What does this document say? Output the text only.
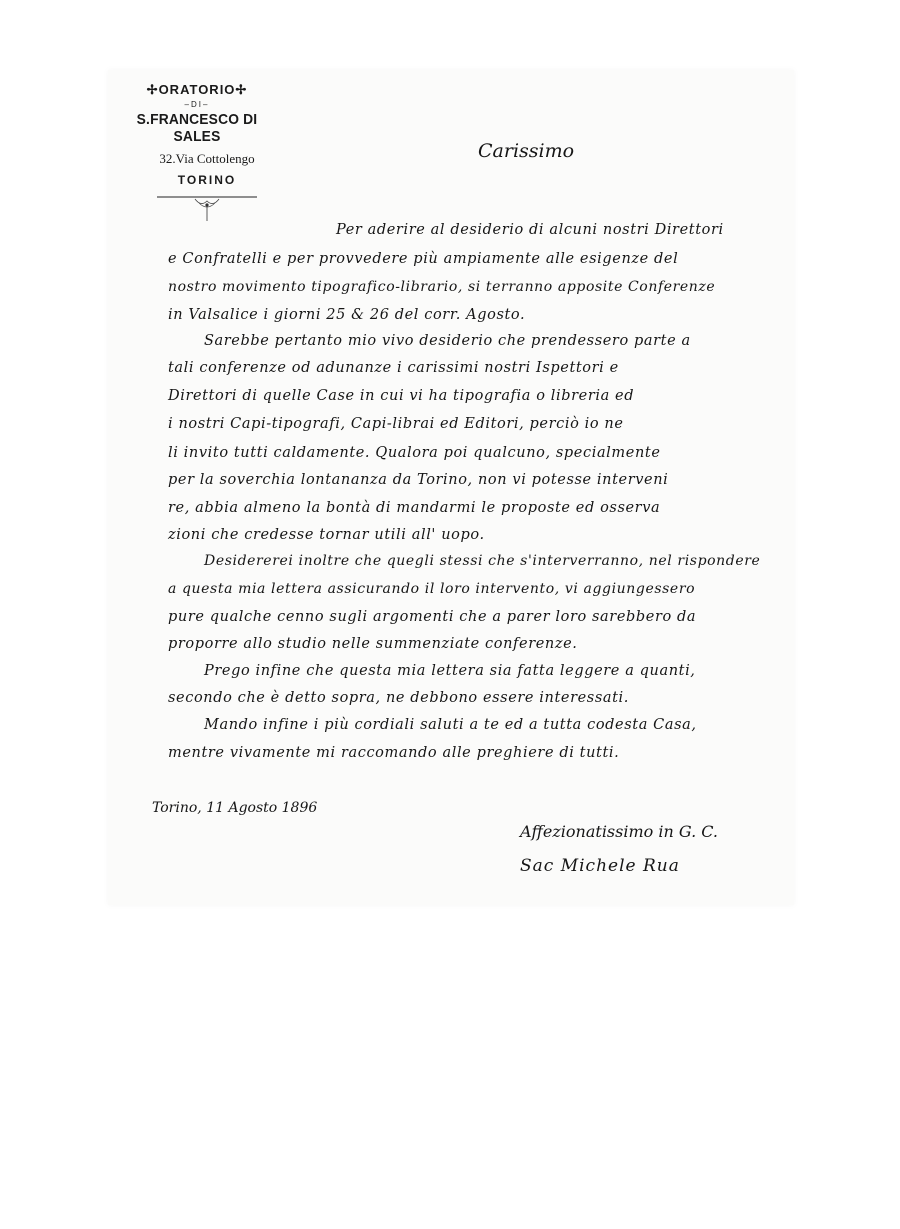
✢ORATORIO✢
–DI–
S.FRANCESCO DI SALES
32.Via Cottolengo
TORINO
Carissimo
Per aderire al desiderio di alcuni nostri Direttori
e Confratelli e per provvedere più ampiamente alle esigenze del
nostro movimento tipografico-librario, si terranno apposite Conferenze
in Valsalice i giorni 25 & 26 del corr. Agosto.
Sarebbe pertanto mio vivo desiderio che prendessero parte a
tali conferenze od adunanze i carissimi nostri Ispettori e
Direttori di quelle Case in cui vi ha tipografia o libreria ed
i nostri Capi-tipografi, Capi-librai ed Editori, perciò io ne
li invito tutti caldamente. Qualora poi qualcuno, specialmente
per la soverchia lontananza da Torino, non vi potesse interveni
re, abbia almeno la bontà di mandarmi le proposte ed osserva
zioni che credesse tornar utili all' uopo.
Desidererei inoltre che quegli stessi che s'interverranno, nel rispondere
a questa mia lettera assicurando il loro intervento, vi aggiungessero
pure qualche cenno sugli argomenti che a parer loro sarebbero da
proporre allo studio nelle summenziate conferenze.
Prego infine che questa mia lettera sia fatta leggere a quanti,
secondo che è detto sopra, ne debbono essere interessati.
Mando infine i più cordiali saluti a te ed a tutta codesta Casa,
mentre vivamente mi raccomando alle preghiere di tutti.
Torino, 11 Agosto 1896
Affezionatissimo in G. C.
Sac Michele Rua
